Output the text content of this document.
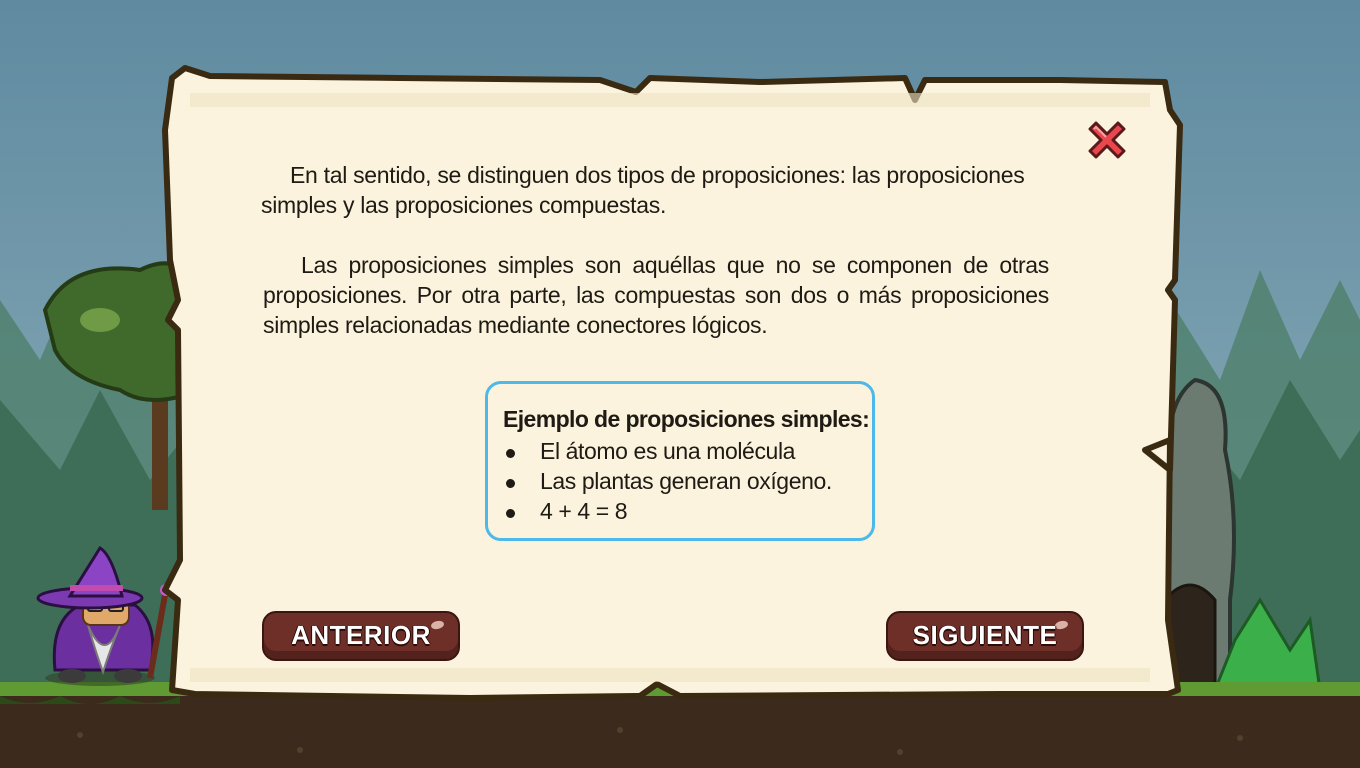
En tal sentido, se distinguen dos tipos de proposiciones: las proposiciones simples y las proposiciones compuestas.
Las proposiciones simples son aquéllas que no se componen de otras proposiciones. Por otra parte, las compuestas son dos o más proposiciones simples relacionadas mediante conectores lógicos.
Ejemplo de proposiciones simples:
El átomo es una molécula
Las plantas generan oxígeno.
4 + 4 = 8
ANTERIOR	SIGUIENTE
